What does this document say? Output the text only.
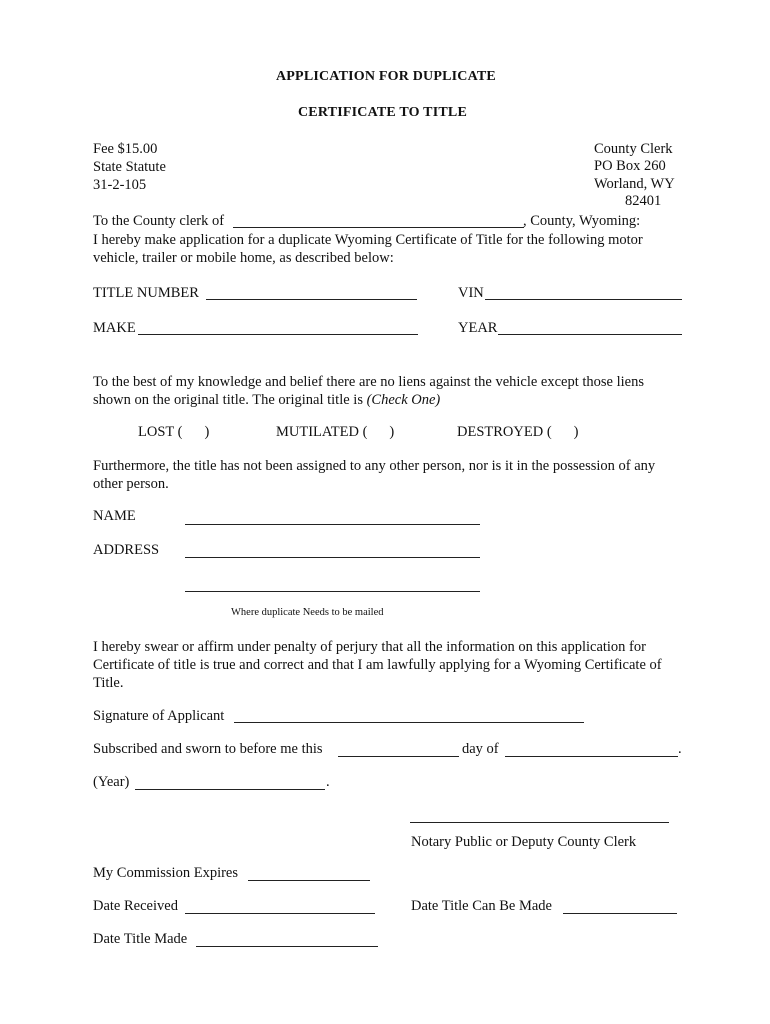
APPLICATION FOR DUPLICATE
CERTIFICATE TO TITLE
Fee $15.00
State Statute
31-2-105
County Clerk
PO Box 260
Worland, WY
82401
To the County clerk of	, County, Wyoming:
I hereby make application for a duplicate Wyoming Certificate of Title for the following motor vehicle, trailer or mobile home, as described below:
TITLE NUMBER	VIN
MAKE	YEAR
To the best of my knowledge and belief there are no liens against the vehicle except those liens shown on the original title. The original title is (Check One)
LOST ( )	MUTILATED ( )	DESTROYED ( )
Furthermore, the title has not been assigned to any other person, nor is it in the possession of any other person.
NAME
ADDRESS
Where duplicate Needs to be mailed
I hereby swear or affirm under penalty of perjury that all the information on this application for Certificate of title is true and correct and that I am lawfully applying for a Wyoming Certificate of Title.
Signature of Applicant
Subscribed and sworn to before me this	day of	.
(Year)	.
Notary Public or Deputy County Clerk
My Commission Expires
Date Received	Date Title Can Be Made
Date Title Made
